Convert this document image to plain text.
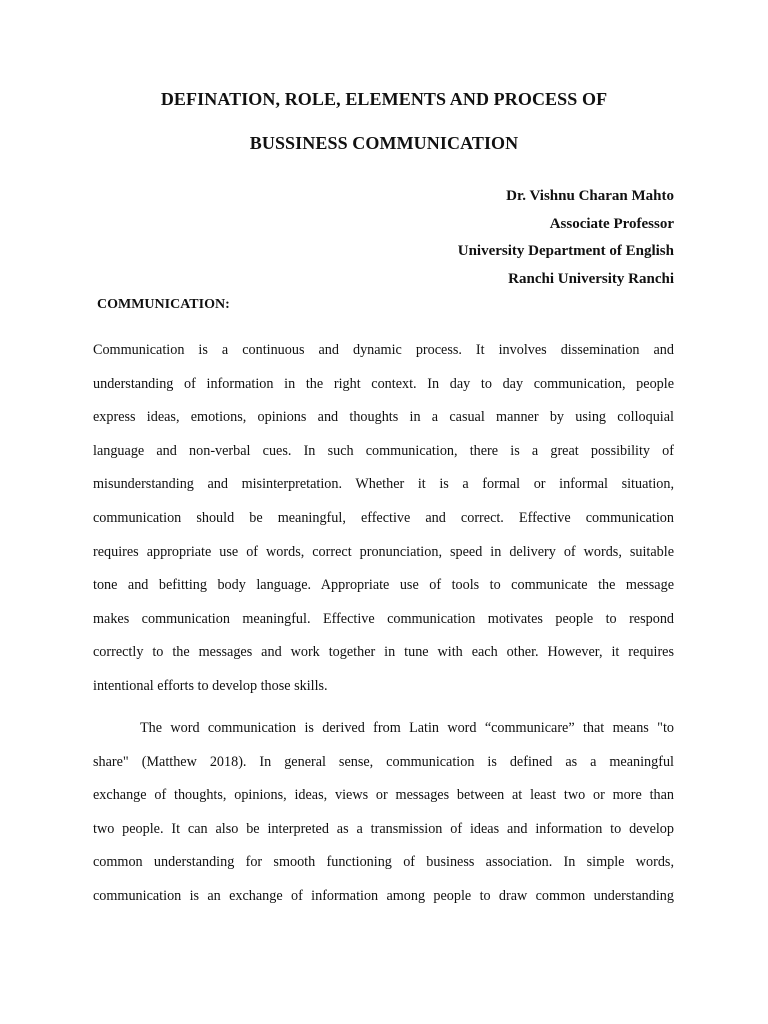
DEFINATION, ROLE, ELEMENTS AND PROCESS OF
BUSSINESS COMMUNICATION
Dr. Vishnu Charan Mahto
Associate Professor
University Department of English
Ranchi University Ranchi
COMMUNICATION:
Communication is a continuous and dynamic process. It involves dissemination and
understanding of information in the right context. In day to day communication, people
express ideas, emotions, opinions and thoughts in a casual manner by using colloquial
language and non-verbal cues. In such communication, there is a great possibility of
misunderstanding and misinterpretation. Whether it is a formal or informal situation,
communication should be meaningful, effective and correct. Effective communication
requires appropriate use of words, correct pronunciation, speed in delivery of words, suitable
tone and befitting body language. Appropriate use of tools to communicate the message
makes communication meaningful. Effective communication motivates people to respond
correctly to the messages and work together in tune with each other. However, it requires
intentional efforts to develop those skills.
The word communication is derived from Latin word “communicare” that means "to
share" (Matthew 2018). In general sense, communication is defined as a meaningful
exchange of thoughts, opinions, ideas, views or messages between at least two or more than
two people. It can also be interpreted as a transmission of ideas and information to develop
common understanding for smooth functioning of business association. In simple words,
communication is an exchange of information among people to draw common understanding
